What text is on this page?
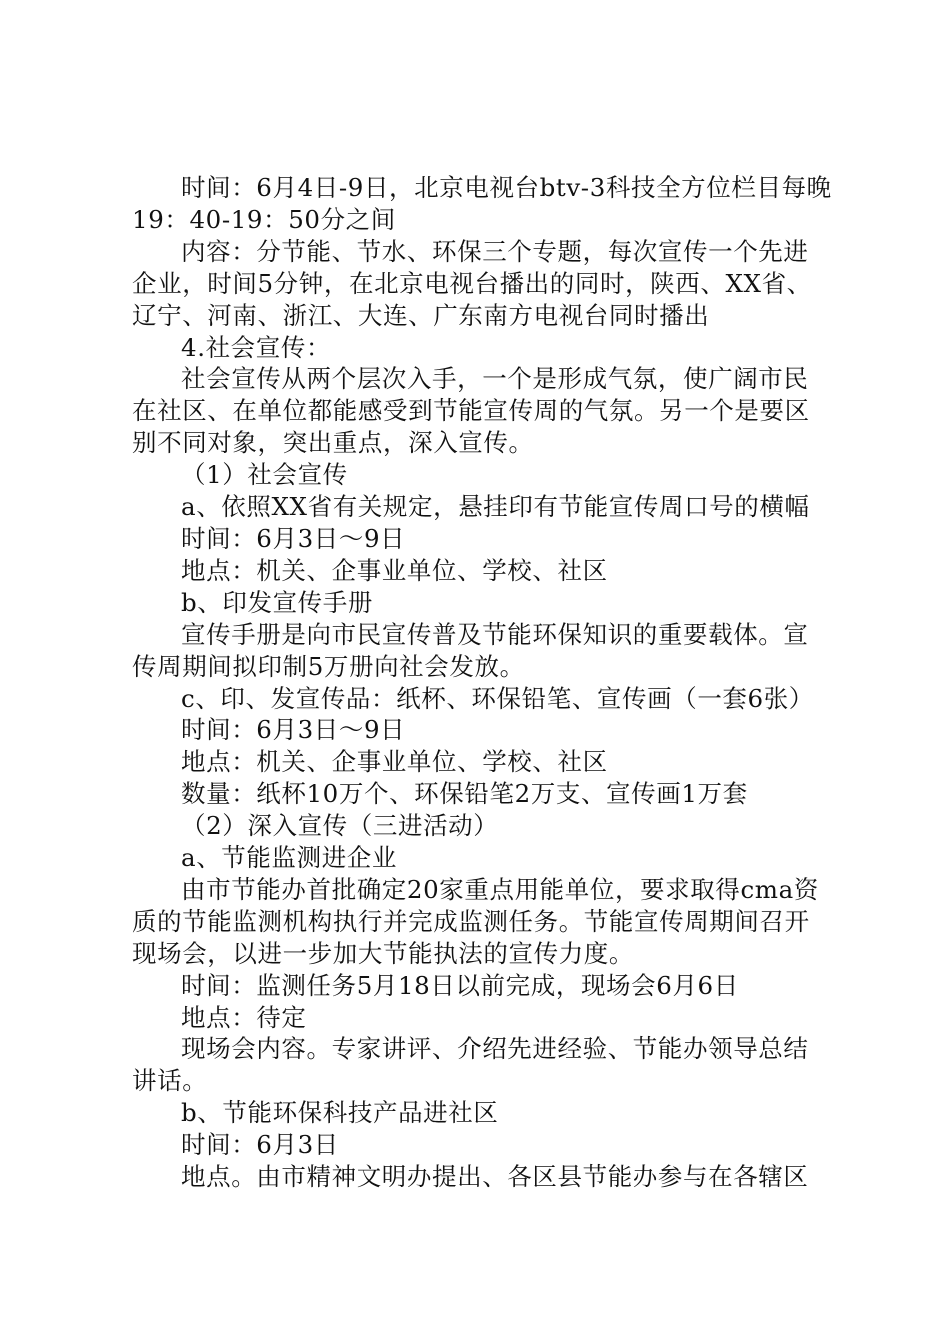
时间：6月4日-9日，北京电视台btv-3科技全方位栏目每晚19：40-19：50分之间

内容：分节能、节水、环保三个专题，每次宣传一个先进企业，时间5分钟，在北京电视台播出的同时，陕西、XX省、辽宁、河南、浙江、大连、广东南方电视台同时播出

4.社会宣传：

社会宣传从两个层次入手，一个是形成气氛，使广阔市民在社区、在单位都能感受到节能宣传周的气氛。另一个是要区别不同对象，突出重点，深入宣传。

（1）社会宣传

a、依照XX省有关规定，悬挂印有节能宣传周口号的横幅

时间：6月3日～9日

地点：机关、企事业单位、学校、社区

b、印发宣传手册

宣传手册是向市民宣传普及节能环保知识的重要载体。宣传周期间拟印制5万册向社会发放。

c、印、发宣传品：纸杯、环保铅笔、宣传画（一套6张）

时间：6月3日～9日

地点：机关、企事业单位、学校、社区

数量：纸杯10万个、环保铅笔2万支、宣传画1万套

（2）深入宣传（三进活动）

a、节能监测进企业

由市节能办首批确定20家重点用能单位，要求取得cma资质的节能监测机构执行并完成监测任务。节能宣传周期间召开现场会，以进一步加大节能执法的宣传力度。

时间：监测任务5月18日以前完成，现场会6月6日

地点：待定

现场会内容。专家讲评、介绍先进经验、节能办领导总结讲话。

b、节能环保科技产品进社区

时间：6月3日

地点。由市精神文明办提出、各区县节能办参与在各辖区
